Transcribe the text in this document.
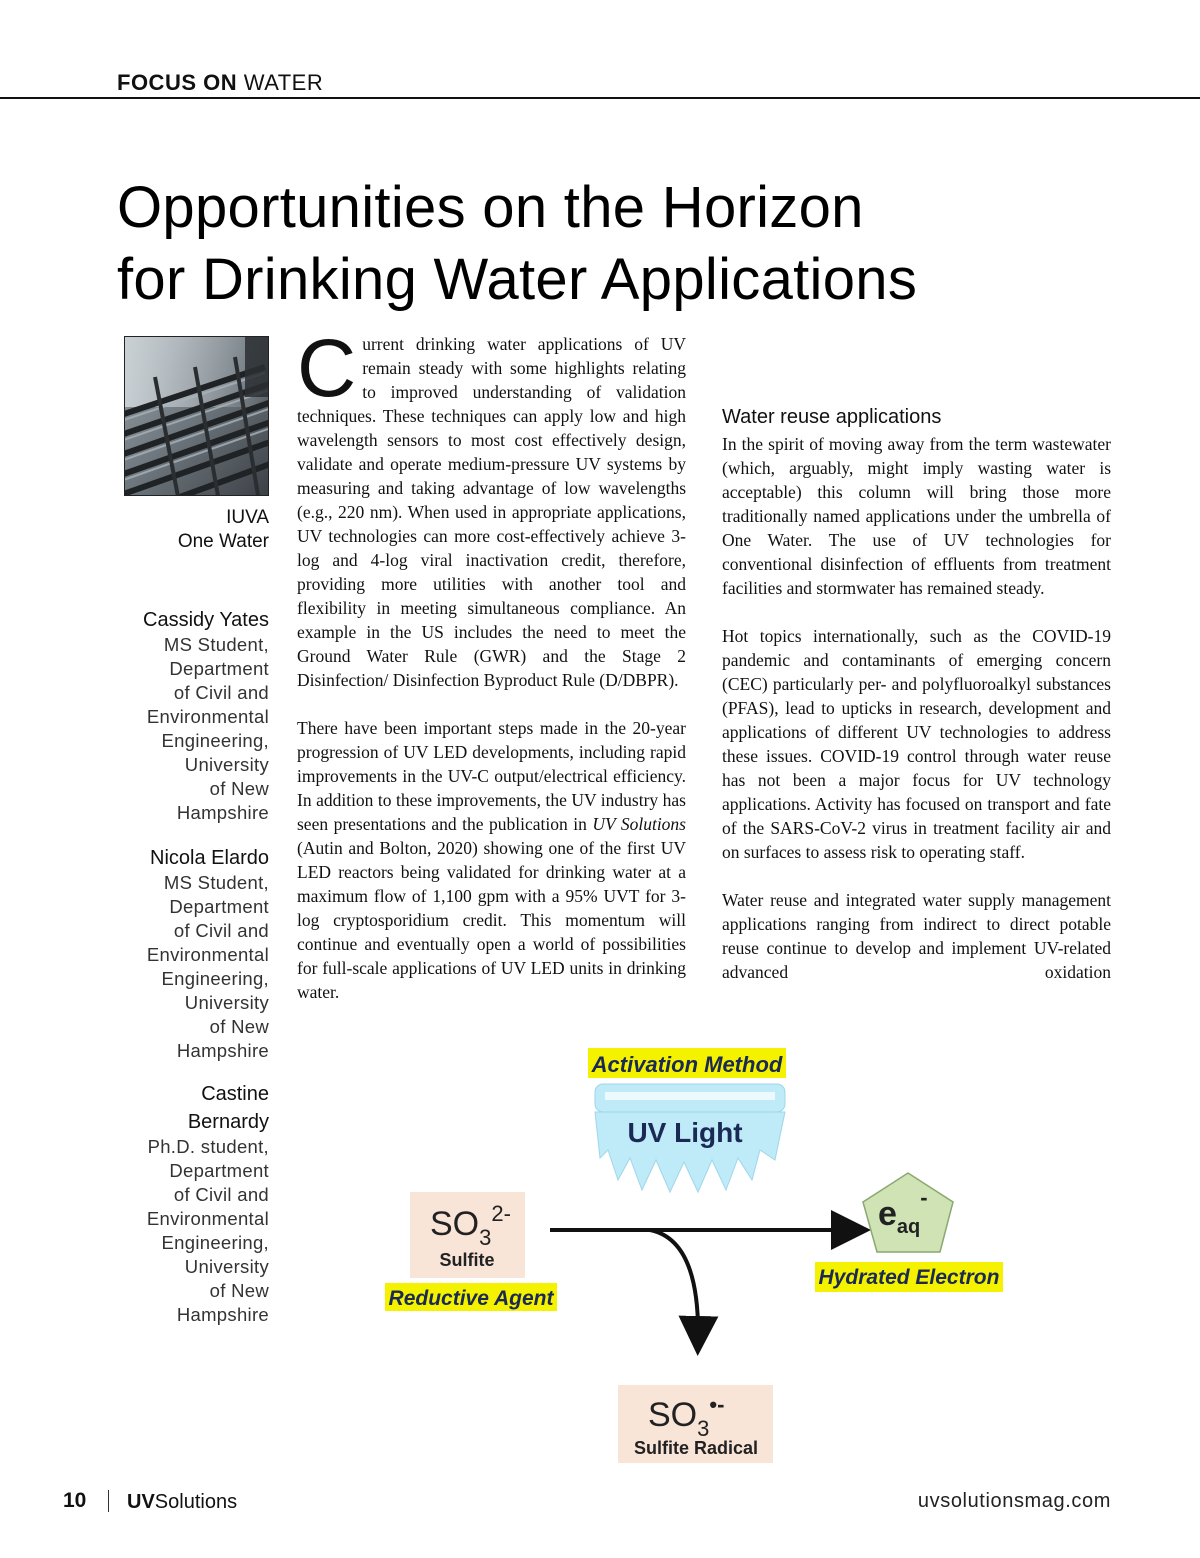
FOCUS ON WATER
Opportunities on the Horizon
for Drinking Water Applications
IUVA
One Water
Cassidy Yates
MS Student,
Department
of Civil and
Environmental
Engineering,
University
of New
Hampshire
Nicola Elardo
MS Student,
Department
of Civil and
Environmental
Engineering,
University
of New
Hampshire
Castine
Bernardy
Ph.D. student,
Department
of Civil and
Environmental
Engineering,
University
of New
Hampshire

Current drinking water applications of UV remain steady with some highlights relating to improved understanding of validation techniques. These techniques can apply low and high wavelength sensors to most cost effectively design, validate and operate medium-pressure UV systems by measuring and taking advantage of low wavelengths (e.g., 220 nm). When used in appropriate applications, UV technologies can more cost-effectively achieve 3-log and 4-log viral inactivation credit, therefore, providing more utilities with another tool and flexibility in meeting simultaneous compliance. An example in the US includes the need to meet the Ground Water Rule (GWR) and the Stage 2 Disinfection/ Disinfection Byproduct Rule (D/DBPR).

There have been important steps made in the 20-year progression of UV LED developments, including rapid improvements in the UV-C output/electrical efficiency. In addition to these improvements, the UV industry has seen presentations and the publication in UV Solutions (Autin and Bolton, 2020) showing one of the first UV LED reactors being validated for drinking water at a maximum flow of 1,100 gpm with a 95% UVT for 3-log cryptosporidium credit. This momentum will continue and eventually open a world of possibilities for full-scale applications of UV LED units in drinking water.

Water reuse applications

In the spirit of moving away from the term wastewater (which, arguably, might imply wasting water is acceptable) this column will bring those more traditionally named applications under the umbrella of One Water. The use of UV technologies for conventional disinfection of effluents from treatment facilities and stormwater has remained steady.

Hot topics internationally, such as the COVID-19 pandemic and contaminants of emerging concern (CEC) particularly per- and polyfluoroalkyl substances (PFAS), lead to upticks in research, development and applications of different UV technologies to address these issues. COVID-19 control through water reuse has not been a major focus for UV technology applications. Activity has focused on transport and fate of the SARS-CoV-2 virus in treatment facility air and on surfaces to assess risk to operating staff.

Water reuse and integrated water supply management applications ranging from indirect to direct potable reuse continue to develop and implement UV-related advanced oxidation

Activation Method
UV Light
$SO_3^{2-}$
Sulfite
Reductive Agent
$e_{aq}^-$
Hydrated Electron
$SO_3^{•-}$
Sulfite Radical
10 UVSolutions	uvsolutionsmag.com
